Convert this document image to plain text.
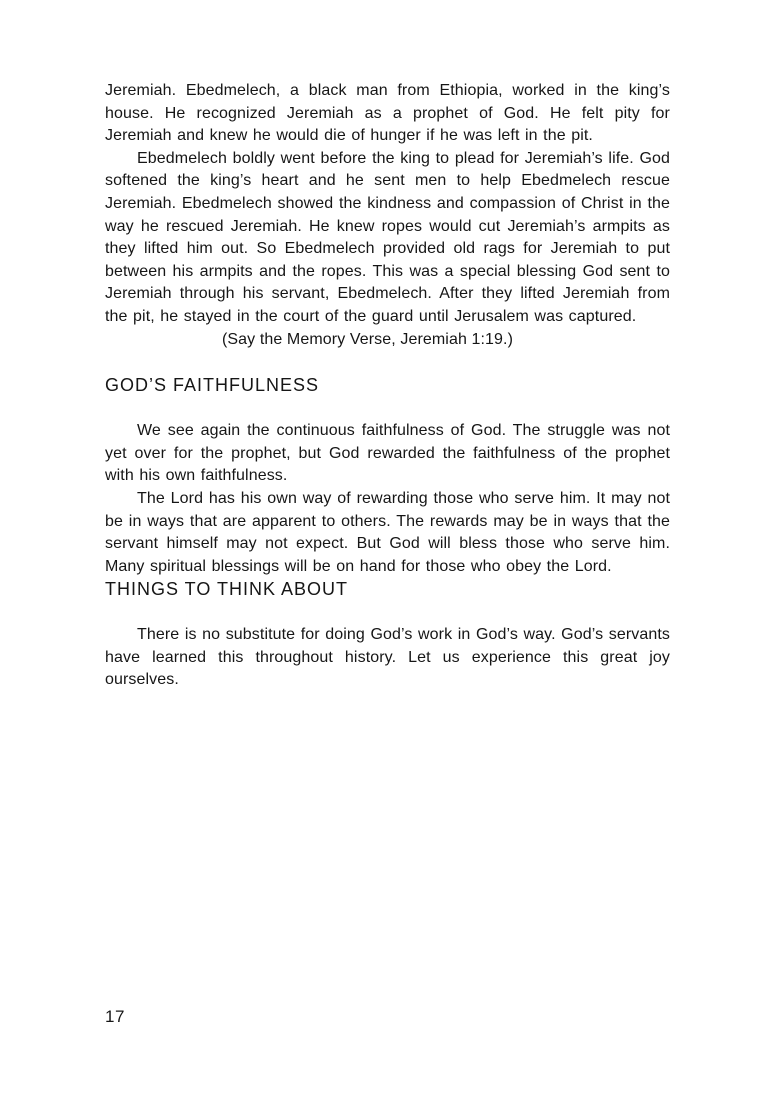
Jeremiah. Ebedmelech, a black man from Ethiopia, worked in the king’s house. He recognized Jeremiah as a prophet of God. He felt pity for Jeremiah and knew he would die of hunger if he was left in the pit.

Ebedmelech boldly went before the king to plead for Jeremiah’s life. God softened the king’s heart and he sent men to help Ebedmelech rescue Jeremiah. Ebedmelech showed the kindness and compassion of Christ in the way he rescued Jeremiah. He knew ropes would cut Jeremiah’s armpits as they lifted him out. So Ebedmelech provided old rags for Jeremiah to put between his armpits and the ropes. This was a special blessing God sent to Jeremiah through his servant, Ebedmelech. After they lifted Jeremiah from the pit, he stayed in the court of the guard until Jerusalem was captured.

(Say the Memory Verse, Jeremiah 1:19.)

GOD’S FAITHFULNESS

We see again the continuous faithfulness of God. The struggle was not yet over for the prophet, but God rewarded the faithfulness of the prophet with his own faithfulness.

The Lord has his own way of rewarding those who serve him. It may not be in ways that are apparent to others. The rewards may be in ways that the servant himself may not expect. But God will bless those who serve him. Many spiritual blessings will be on hand for those who obey the Lord.

THINGS TO THINK ABOUT

There is no substitute for doing God’s work in God’s way. God’s servants have learned this throughout history. Let us experience this great joy ourselves.

17
